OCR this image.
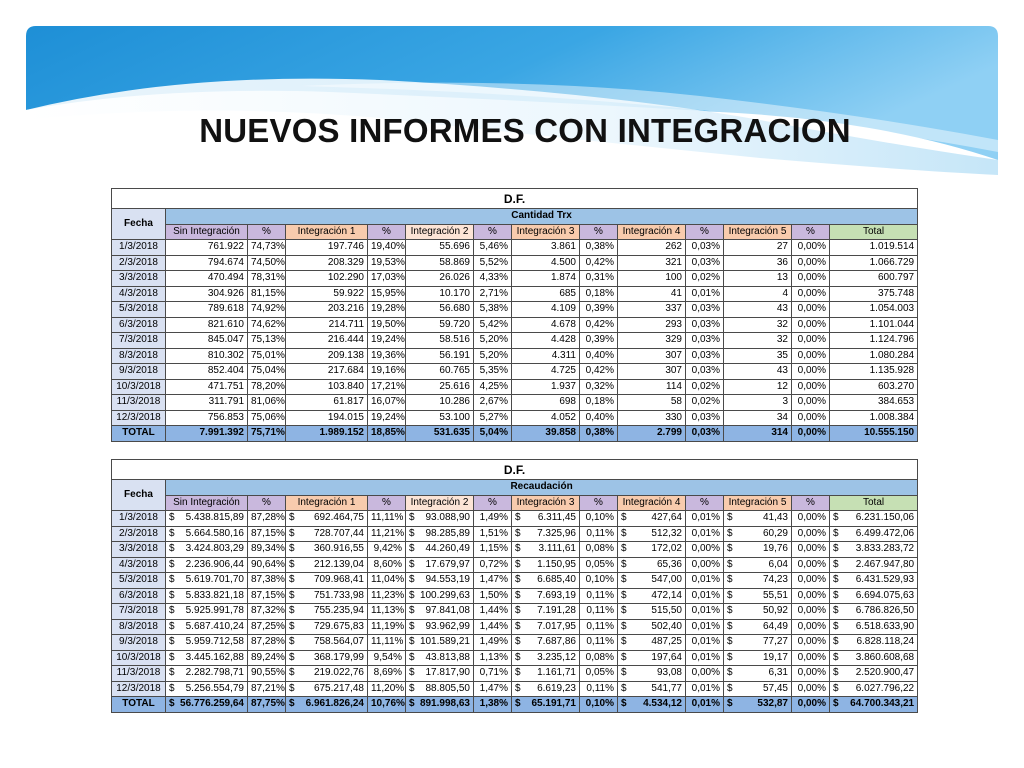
NUEVOS INFORMES CON INTEGRACION
D.F.													
Fecha	Cantidad Trx												
	Sin Integración	%	Integración 1	%	Integración 2	%	Integración 3	%	Integración 4	%	Integración 5	%	Total
1/3/2018	761.922	74,73%	197.746	19,40%	55.696	5,46%	3.861	0,38%	262	0,03%	27	0,00%	1.019.514
2/3/2018	794.674	74,50%	208.329	19,53%	58.869	5,52%	4.500	0,42%	321	0,03%	36	0,00%	1.066.729
3/3/2018	470.494	78,31%	102.290	17,03%	26.026	4,33%	1.874	0,31%	100	0,02%	13	0,00%	600.797
4/3/2018	304.926	81,15%	59.922	15,95%	10.170	2,71%	685	0,18%	41	0,01%	4	0,00%	375.748
5/3/2018	789.618	74,92%	203.216	19,28%	56.680	5,38%	4.109	0,39%	337	0,03%	43	0,00%	1.054.003
6/3/2018	821.610	74,62%	214.711	19,50%	59.720	5,42%	4.678	0,42%	293	0,03%	32	0,00%	1.101.044
7/3/2018	845.047	75,13%	216.444	19,24%	58.516	5,20%	4.428	0,39%	329	0,03%	32	0,00%	1.124.796
8/3/2018	810.302	75,01%	209.138	19,36%	56.191	5,20%	4.311	0,40%	307	0,03%	35	0,00%	1.080.284
9/3/2018	852.404	75,04%	217.684	19,16%	60.765	5,35%	4.725	0,42%	307	0,03%	43	0,00%	1.135.928
10/3/2018	471.751	78,20%	103.840	17,21%	25.616	4,25%	1.937	0,32%	114	0,02%	12	0,00%	603.270
11/3/2018	311.791	81,06%	61.817	16,07%	10.286	2,67%	698	0,18%	58	0,02%	3	0,00%	384.653
12/3/2018	756.853	75,06%	194.015	19,24%	53.100	5,27%	4.052	0,40%	330	0,03%	34	0,00%	1.008.384
TOTAL	7.991.392	75,71%	1.989.152	18,85%	531.635	5,04%	39.858	0,38%	2.799	0,03%	314	0,00%	10.555.150
D.F.													
Fecha	Recaudación												
	Sin Integración	%	Integración 1	%	Integración 2	%	Integración 3	%	Integración 4	%	Integración 5	%	Total
1/3/2018	$ 5.438.815,89	87,28%	$ 692.464,75	11,11%	$ 93.088,90	1,49%	$ 6.311,45	0,10%	$ 427,64	0,01%	$ 41,43	0,00%	$ 6.231.150,06
2/3/2018	$ 5.664.580,16	87,15%	$ 728.707,44	11,21%	$ 98.285,89	1,51%	$ 7.325,96	0,11%	$ 512,32	0,01%	$ 60,29	0,00%	$ 6.499.472,06
3/3/2018	$ 3.424.803,29	89,34%	$ 360.916,55	9,42%	$ 44.260,49	1,15%	$ 3.111,61	0,08%	$ 172,02	0,00%	$ 19,76	0,00%	$ 3.833.283,72
4/3/2018	$ 2.236.906,44	90,64%	$ 212.139,04	8,60%	$ 17.679,97	0,72%	$ 1.150,95	0,05%	$ 65,36	0,00%	$ 6,04	0,00%	$ 2.467.947,80
5/3/2018	$ 5.619.701,70	87,38%	$ 709.968,41	11,04%	$ 94.553,19	1,47%	$ 6.685,40	0,10%	$ 547,00	0,01%	$ 74,23	0,00%	$ 6.431.529,93
6/3/2018	$ 5.833.821,18	87,15%	$ 751.733,98	11,23%	$ 100.299,63	1,50%	$ 7.693,19	0,11%	$ 472,14	0,01%	$ 55,51	0,00%	$ 6.694.075,63
7/3/2018	$ 5.925.991,78	87,32%	$ 755.235,94	11,13%	$ 97.841,08	1,44%	$ 7.191,28	0,11%	$ 515,50	0,01%	$ 50,92	0,00%	$ 6.786.826,50
8/3/2018	$ 5.687.410,24	87,25%	$ 729.675,83	11,19%	$ 93.962,99	1,44%	$ 7.017,95	0,11%	$ 502,40	0,01%	$ 64,49	0,00%	$ 6.518.633,90
9/3/2018	$ 5.959.712,58	87,28%	$ 758.564,07	11,11%	$ 101.589,21	1,49%	$ 7.687,86	0,11%	$ 487,25	0,01%	$ 77,27	0,00%	$ 6.828.118,24
10/3/2018	$ 3.445.162,88	89,24%	$ 368.179,99	9,54%	$ 43.813,88	1,13%	$ 3.235,12	0,08%	$ 197,64	0,01%	$ 19,17	0,00%	$ 3.860.608,68
11/3/2018	$ 2.282.798,71	90,55%	$ 219.022,76	8,69%	$ 17.817,90	0,71%	$ 1.161,71	0,05%	$ 93,08	0,00%	$ 6,31	0,00%	$ 2.520.900,47
12/3/2018	$ 5.256.554,79	87,21%	$ 675.217,48	11,20%	$ 88.805,50	1,47%	$ 6.619,23	0,11%	$ 541,77	0,01%	$ 57,45	0,00%	$ 6.027.796,22
TOTAL	$ 56.776.259,64	87,75%	$ 6.961.826,24	10,76%	$ 891.998,63	1,38%	$ 65.191,71	0,10%	$ 4.534,12	0,01%	$ 532,87	0,00%	$ 64.700.343,21
